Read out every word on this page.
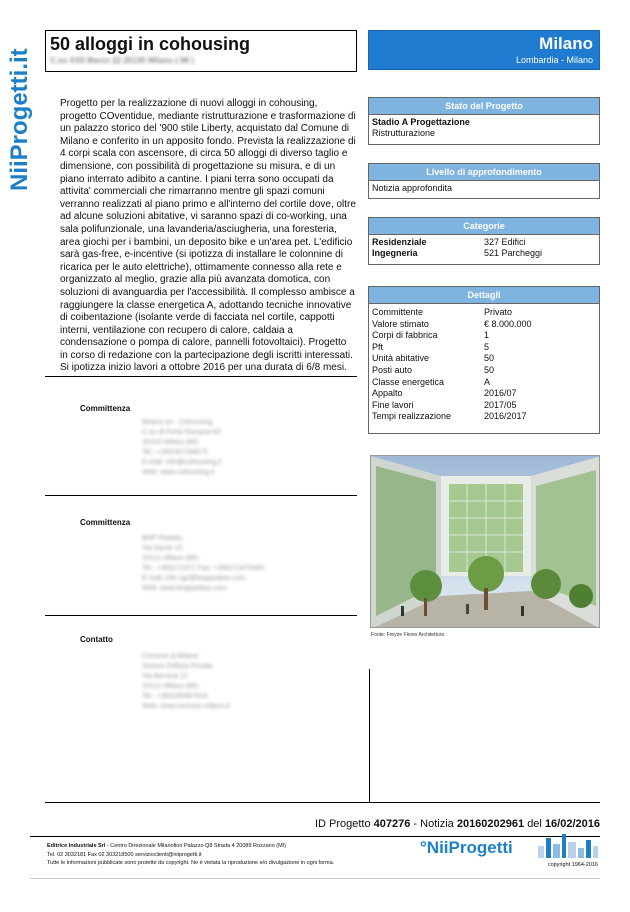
NiiProgetti.it
50 alloggi in cohousing
C.so XXII Marzo 22 20135 Milano ( MI )
Milano
Lombardia - Milano
Progetto per la realizzazione di nuovi alloggi in cohousing, progetto COventidue, mediante ristrutturazione e trasformazione di un palazzo storico del '900 stile Liberty, acquistato dal Comune di Milano e conferito in un apposito fondo. Prevista la realizzazione di 4 corpi scala con ascensore, di circa 50 alloggi di diverso taglio e dimensione, con possibilità di progettazione su misura, e di un piano interrato adibito a cantine. I piani terra sono occupati da attivita' commerciali che rimarranno mentre gli spazi comuni verranno realizzati al piano primo e all'interno del cortile dove, oltre ad alcune soluzioni abitative, vi saranno spazi di co-working, una sala polifunzionale, una lavanderia/asciugheria, una foresteria, area giochi per i bambini, un deposito bike e un'area pet. L'edificio sarà gas-free, e-incentive (si ipotizza di installare le colonnine di ricarica per le auto elettriche), ottimamente connesso alla rete e organizzato al meglio, grazie alla più avanzata domotica, con soluzioni di avanguardia per l'accessibilità. Il complesso ambisce a raggiungere la classe energetica A, adottando tecniche innovative di coibentazione (isolante verde di facciata nel cortile, cappotti interni, ventilazione con recupero di calore, caldaia a condensazione o pompa di calore, pannelli fotovoltaici). Progetto in corso di redazione con la partecipazione degli iscritti interessati. Si ipotizza inizio lavori a ottobre 2016 per una durata di 6/8 mesi.
Committenza
Newco srl - Cohousing
C.so di Porta Romana 63
20100 Milano (MI)
Tel.: +390287168675
E-mail: info@cohousing.it
Web: www.cohousing.it
Committenza
BNP Paribas
Via Dante 15
20121 Milano (MI)
Tel.: +390272471 Fax: +390272476465
E-mail: info.sgr@bnpparibas.com
Web: www.bnpparibas.com
Contatto
Comune di Milano
Settore Edilizia Privata
Via Bernina 12
20121 Milano (MI)
Tel.: +390288467916
Web: www.comune.milano.it
Stato del Progetto
Stadio A Progettazione
Ristrutturazione
Livello di approfondimento
Notizia approfondita
Categorie
Residenziale	327 Edifici
Ingegneria	521 Parcheggi
Dettagli
Committente	Privato
Valore stimato	€ 8.000.000
Corpi di fabbrica	1
Pft	5
Unità abitative	50
Posti auto	50
Classe energetica	A
Appalto	2016/07
Fine lavori	2017/05
Tempi realizzazione	2016/2017
Fonte: Freyrie Flores Architettura
ID Progetto 407276 - Notizia 20160202961 del 16/02/2016
Editrice Industriale Srl - Centro Direzionale Milanofiori Palazzo Q8 Strada 4 20089 Rozzano (MI)
Tel. 02 3032181 Fax 02 303218500 servizioclienti@niiprogetti.it
Tutte le informazioni pubblicate sono protette da copyright. Ne è vietata la riproduzione e/o divulgazione in ogni forma.
°NiiProgetti
copyright 1964-2016
